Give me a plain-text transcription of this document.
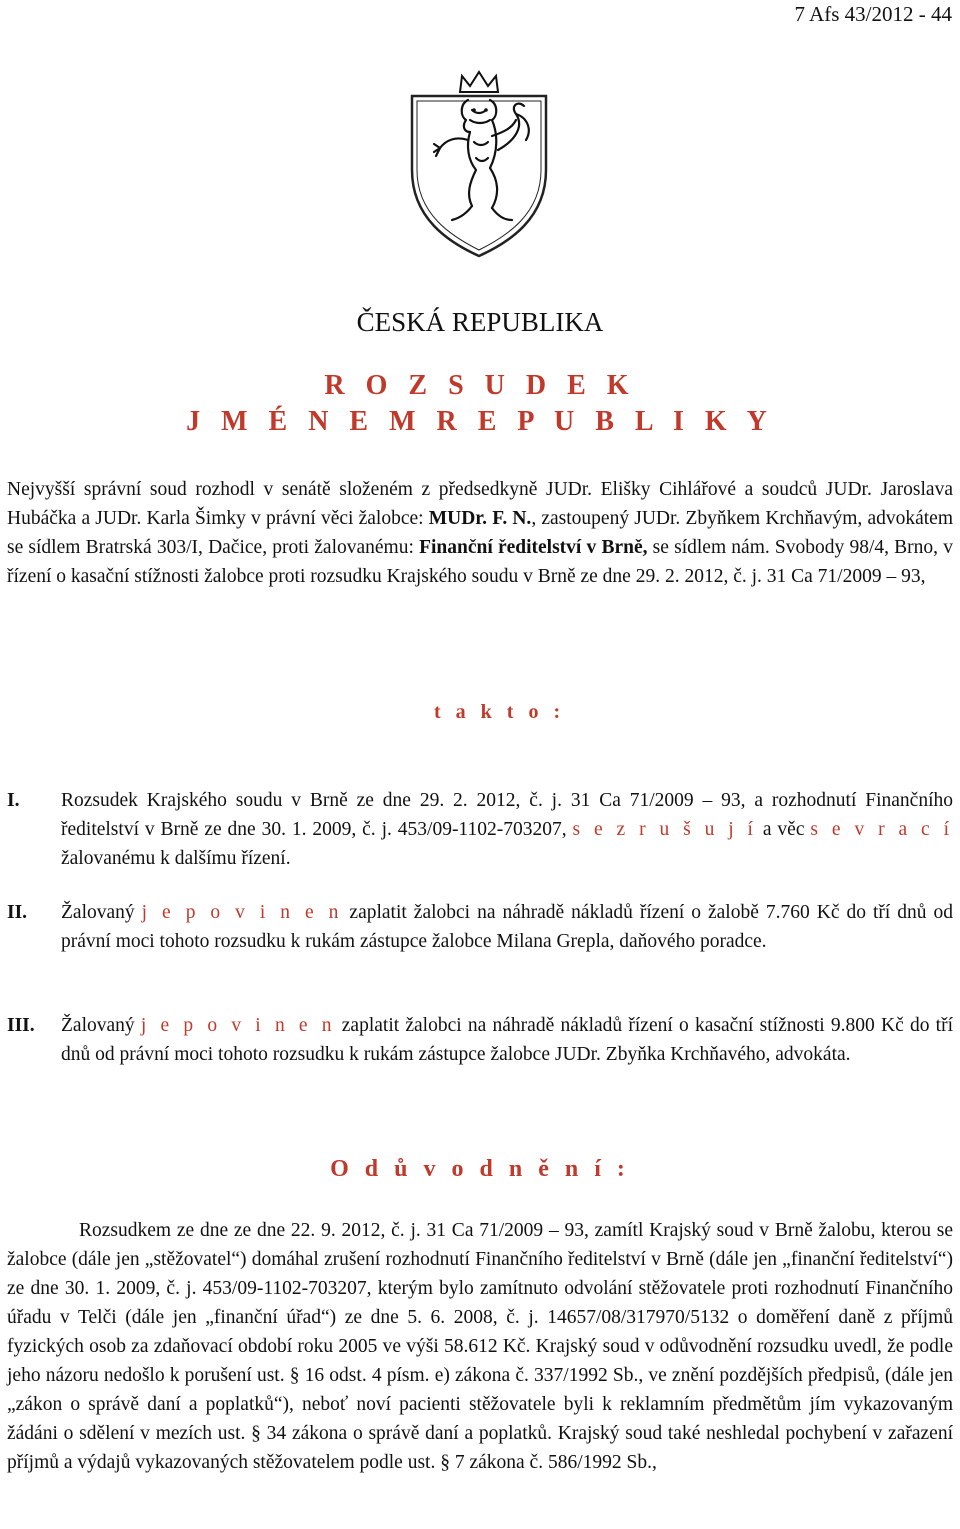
7 Afs 43/2012 - 44
ČESKÁ REPUBLIKA
R O Z S U D E K
J M É N E M R E P U B L I K Y
Nejvyšší správní soud rozhodl v senátě složeném z předsedkyně JUDr. Elišky Cihlářové a soudců JUDr. Jaroslava Hubáčka a JUDr. Karla Šimky v právní věci žalobce: MUDr. F. N., zastoupený JUDr. Zbyňkem Krchňavým, advokátem se sídlem Bratrská 303/I, Dačice, proti žalovanému: Finanční ředitelství v Brně, se sídlem nám. Svobody 98/4, Brno, v řízení o kasační stížnosti žalobce proti rozsudku Krajského soudu v Brně ze dne 29. 2. 2012, č. j. 31 Ca 71/2009 – 93,
t a k t o :
I. Rozsudek Krajského soudu v Brně ze dne 29. 2. 2012, č. j. 31 Ca 71/2009 – 93, a rozhodnutí Finančního ředitelství v Brně ze dne 30. 1. 2009, č. j. 453/09-1102-703207, s e z r u š u j í a věc s e v r a c í žalovanému k dalšímu řízení.
II. Žalovaný j e p o v i n e n zaplatit žalobci na náhradě nákladů řízení o žalobě 7.760 Kč do tří dnů od právní moci tohoto rozsudku k rukám zástupce žalobce Milana Grepla, daňového poradce.
III. Žalovaný j e p o v i n e n zaplatit žalobci na náhradě nákladů řízení o kasační stížnosti 9.800 Kč do tří dnů od právní moci tohoto rozsudku k rukám zástupce žalobce JUDr. Zbyňka Krchňavého, advokáta.
O d ů v o d n ě n í :
Rozsudkem ze dne ze dne 22. 9. 2012, č. j. 31 Ca 71/2009 – 93, zamítl Krajský soud v Brně žalobu, kterou se žalobce (dále jen „stěžovatel“) domáhal zrušení rozhodnutí Finančního ředitelství v Brně (dále jen „finanční ředitelství“) ze dne 30. 1. 2009, č. j. 453/09-1102-703207, kterým bylo zamítnuto odvolání stěžovatele proti rozhodnutí Finančního úřadu v Telči (dále jen „finanční úřad“) ze dne 5. 6. 2008, č. j. 14657/08/317970/5132 o doměření daně z příjmů fyzických osob za zdaňovací období roku 2005 ve výši 58.612 Kč. Krajský soud v odůvodnění rozsudku uvedl, že podle jeho názoru nedošlo k porušení ust. § 16 odst. 4 písm. e) zákona č. 337/1992 Sb., ve znění pozdějších předpisů, (dále jen „zákon o správě daní a poplatků“), neboť noví pacienti stěžovatele byli k reklamním předmětům jím vykazovaným žádáni o sdělení v mezích ust. § 34 zákona o správě daní a poplatků. Krajský soud také neshledal pochybení v zařazení příjmů a výdajů vykazovaných stěžovatelem podle ust. § 7 zákona č. 586/1992 Sb.,
